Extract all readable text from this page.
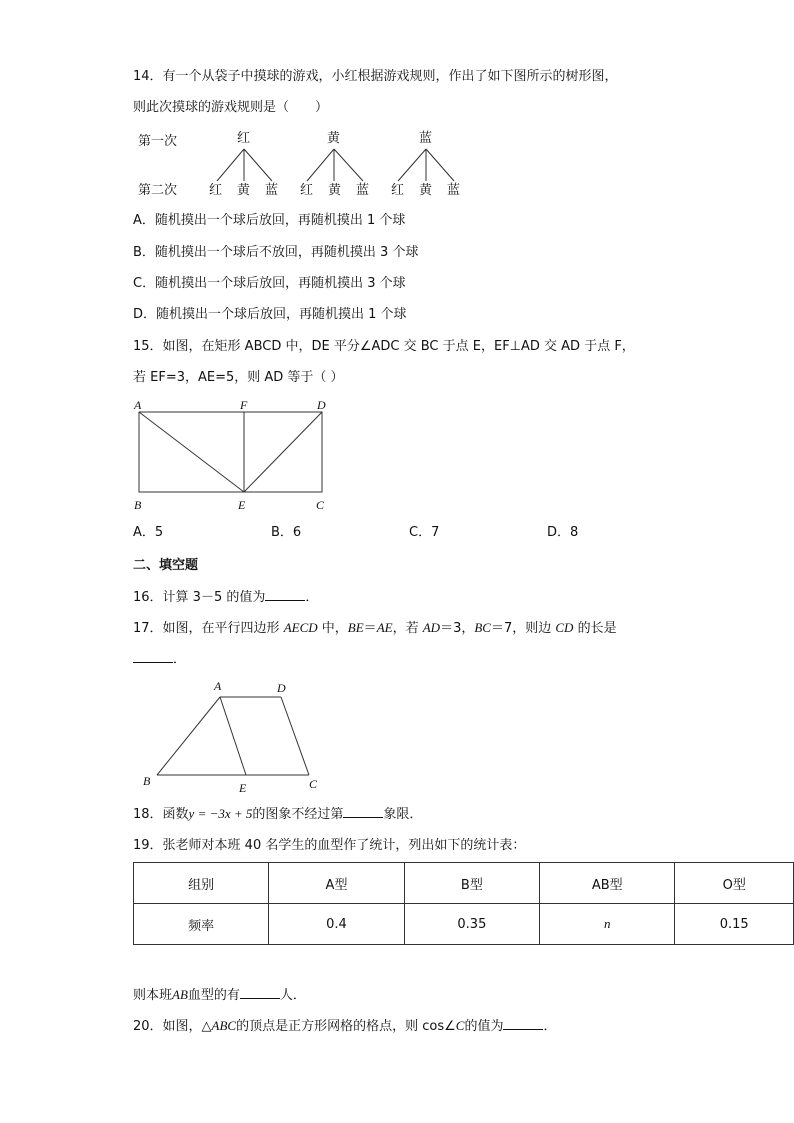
14．有一个从袋子中摸球的游戏，小红根据游戏规则，作出了如下图所示的树形图，
则此次摸球的游戏规则是（　　）
第一次
第二次
红	黄	蓝
红 黄 蓝 红 黄 蓝 红 黄 蓝
A．随机摸出一个球后放回，再随机摸出 1 个球
B．随机摸出一个球后不放回，再随机摸出 3 个球
C．随机摸出一个球后放回，再随机摸出 3 个球
D．随机摸出一个球后放回，再随机摸出 1 个球
15．如图，在矩形 ABCD 中，DE 平分∠ADC 交 BC 于点 E，EF⊥AD 交 AD 于点 F，
若 EF=3，AE=5，则 AD 等于（ ）
A	F	D
B	E	C
A．5	B．6	C．7	D．8
二、填空题
16．计算 3－5 的值为	．
17．如图，在平行四边形 AECD 中，BE＝AE，若 AD＝3，BC＝7，则边 CD 的长是
．
A	D
B	E	C
18．函数y = −3x + 5的图象不经过第	象限．
19．张老师对本班 40 名学生的血型作了统计，列出如下的统计表：
组别	A型	B型	AB型	O型
频率	0.4	0.35	n	0.15
则本班AB血型的有	人．
20．如图，△ABC的顶点是正方形网格的格点，则 cos∠C的值为	．
